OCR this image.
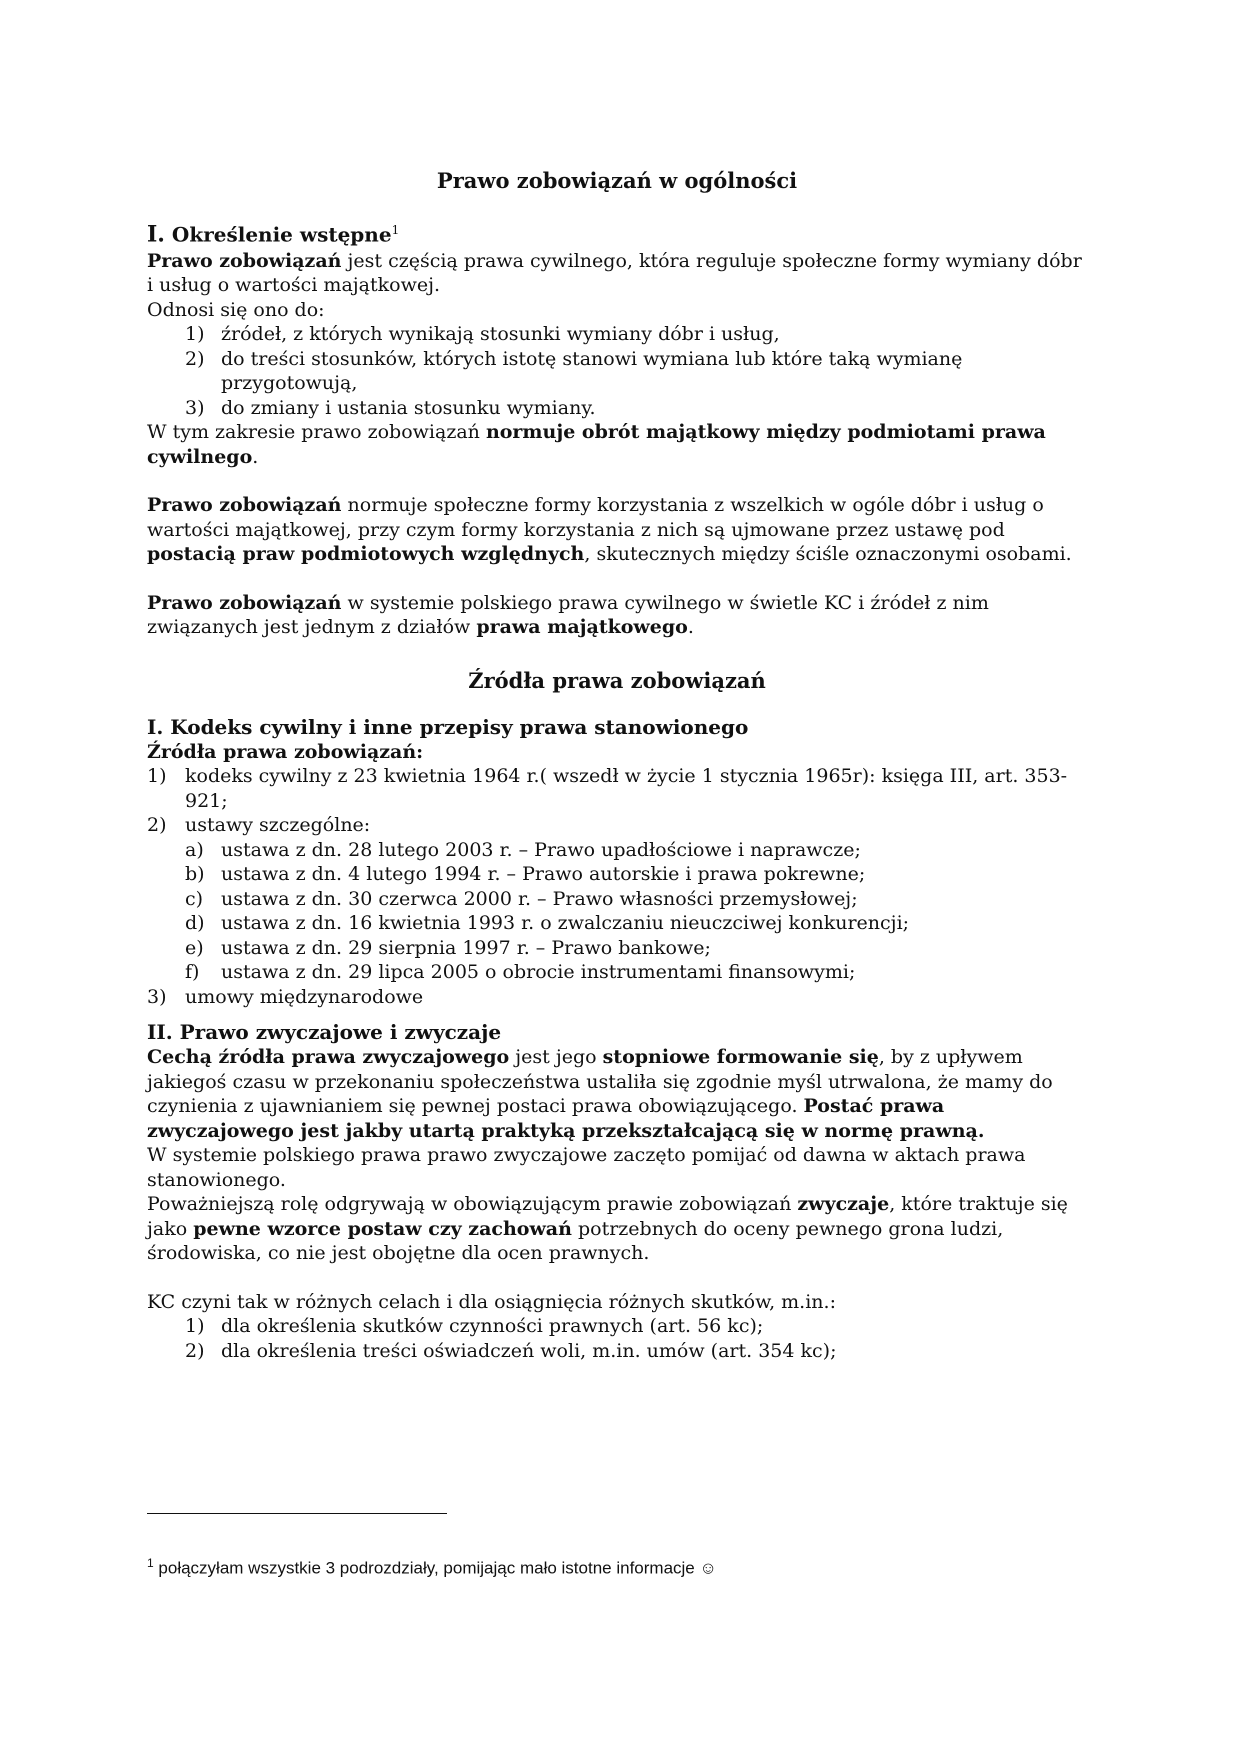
Prawo zobowiązań w ogólności
I. Określenie wstępne$^1$

Prawo zobowiązań jest częścią prawa cywilnego, która reguluje społeczne formy wymiany dóbr i usług o wartości majątkowej.

Odnosi się ono do:

1) źródeł, z których wynikają stosunki wymiany dóbr i usług,
2) do treści stosunków, których istotę stanowi wymiana lub które taką wymianę przygotowują,
3) do zmiany i ustania stosunku wymiany.

W tym zakresie prawo zobowiązań normuje obrót majątkowy między podmiotami prawa cywilnego.

Prawo zobowiązań normuje społeczne formy korzystania z wszelkich w ogóle dóbr i usług o wartości majątkowej, przy czym formy korzystania z nich są ujmowane przez ustawę pod postacią praw podmiotowych względnych, skutecznych między ściśle oznaczonymi osobami.

Prawo zobowiązań w systemie polskiego prawa cywilnego w świetle KC i źródeł z nim związanych jest jednym z działów prawa majątkowego.

Źródła prawa zobowiązań
I. Kodeks cywilny i inne przepisy prawa stanowionego

Źródła prawa zobowiązań:

1) kodeks cywilny z 23 kwietnia 1964 r.( wszedł w życie 1 stycznia 1965r): księga III, art. 353-921;
2) ustawy szczególne:
a) ustawa z dn. 28 lutego 2003 r. – Prawo upadłościowe i naprawcze;
b) ustawa z dn. 4 lutego 1994 r. – Prawo autorskie i prawa pokrewne;
c) ustawa z dn. 30 czerwca 2000 r. – Prawo własności przemysłowej;
d) ustawa z dn. 16 kwietnia 1993 r. o zwalczaniu nieuczciwej konkurencji;
e) ustawa z dn. 29 sierpnia 1997 r. – Prawo bankowe;
f) ustawa z dn. 29 lipca 2005 o obrocie instrumentami finansowymi;
3) umowy międzynarodowe
II. Prawo zwyczajowe i zwyczaje

Cechą źródła prawa zwyczajowego jest jego stopniowe formowanie się, by z upływem jakiegoś czasu w przekonaniu społeczeństwa ustaliła się zgodnie myśl utrwalona, że mamy do czynienia z ujawnianiem się pewnej postaci prawa obowiązującego. Postać prawa zwyczajowego jest jakby utartą praktyką przekształcającą się w normę prawną.

W systemie polskiego prawa prawo zwyczajowe zaczęto pomijać od dawna w aktach prawa stanowionego.

Poważniejszą rolę odgrywają w obowiązującym prawie zobowiązań zwyczaje, które traktuje się jako pewne wzorce postaw czy zachowań potrzebnych do oceny pewnego grona ludzi, środowiska, co nie jest obojętne dla ocen prawnych.

KC czyni tak w różnych celach i dla osiągnięcia różnych skutków, m.in.:

1) dla określenia skutków czynności prawnych (art. 56 kc);
2) dla określenia treści oświadczeń woli, m.in. umów (art. 354 kc);
$^1$ połączyłam wszystkie 3 podrozdziały, pomijając mało istotne informacje ☺
